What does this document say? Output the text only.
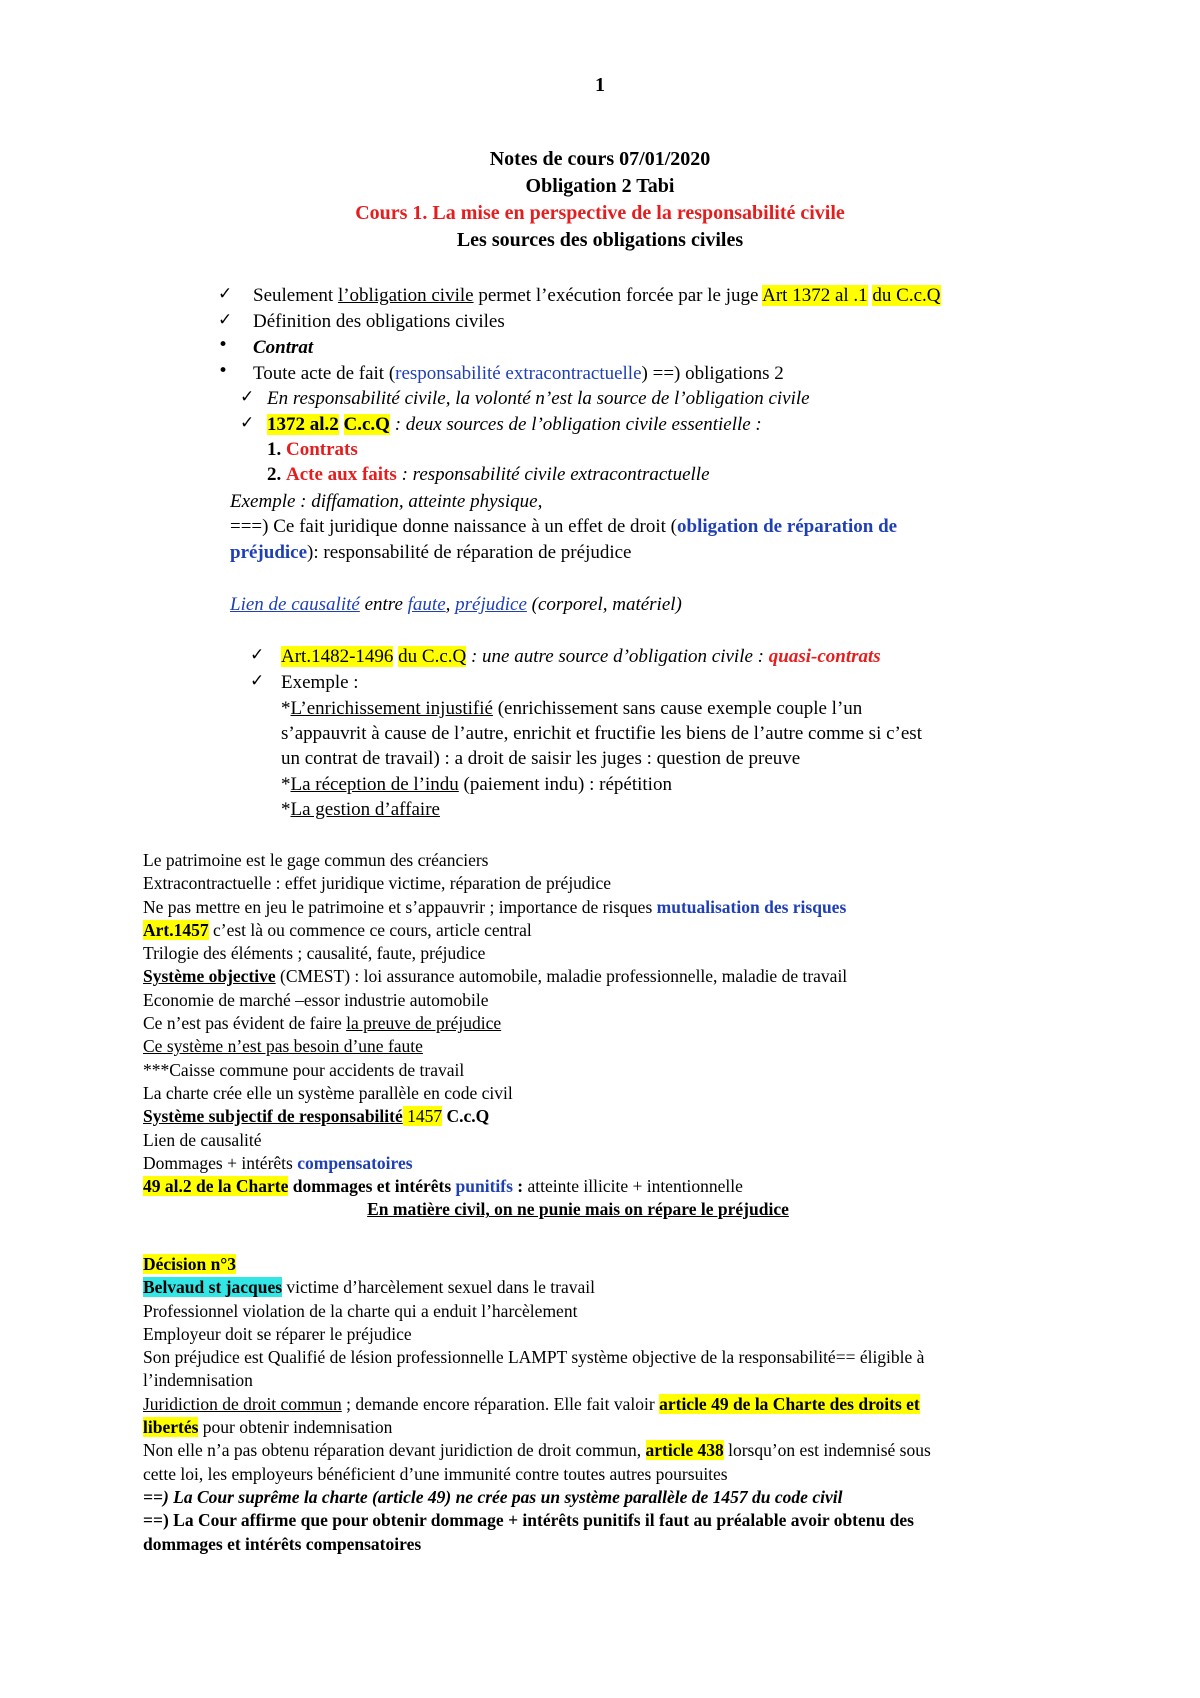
1
Notes de cours 07/01/2020
Obligation 2 Tabi
Cours 1. La mise en perspective de la responsabilité civile
Les sources des obligations civiles
✓ Seulement l’obligation civile permet l’exécution forcée par le juge Art 1372 al .1 du C.c.Q
✓ Définition des obligations civiles
• Contrat
• Toute acte de fait (responsabilité extracontractuelle) ==) obligations 2
✓ En responsabilité civile, la volonté n’est la source de l’obligation civile
✓ 1372 al.2 C.c.Q : deux sources de l’obligation civile essentielle :
1. Contrats
2. Acte aux faits : responsabilité civile extracontractuelle
Exemple : diffamation, atteinte physique,
===) Ce fait juridique donne naissance à un effet de droit (obligation de réparation de
préjudice): responsabilité de réparation de préjudice
Lien de causalité entre faute, préjudice (corporel, matériel)
✓ Art.1482-1496 du C.c.Q : une autre source d’obligation civile : quasi-contrats
✓ Exemple :
*L’enrichissement injustifié (enrichissement sans cause exemple couple l’un
s’appauvrit à cause de l’autre, enrichit et fructifie les biens de l’autre comme si c’est
un contrat de travail) : a droit de saisir les juges : question de preuve
*La réception de l’indu (paiement indu) : répétition
*La gestion d’affaire
Le patrimoine est le gage commun des créanciers
Extracontractuelle : effet juridique victime, réparation de préjudice
Ne pas mettre en jeu le patrimoine et s’appauvrir ; importance de risques mutualisation des risques
Art.1457 c’est là ou commence ce cours, article central
Trilogie des éléments ; causalité, faute, préjudice
Système objective (CMEST) : loi assurance automobile, maladie professionnelle, maladie de travail
Economie de marché –essor industrie automobile
Ce n’est pas évident de faire la preuve de préjudice
Ce système n’est pas besoin d’une faute
***Caisse commune pour accidents de travail
La charte crée elle un système parallèle en code civil
Système subjectif de responsabilité 1457 C.c.Q
Lien de causalité
Dommages + intérêts compensatoires
49 al.2 de la Charte dommages et intérêts punitifs : atteinte illicite + intentionnelle
En matière civil, on ne punie mais on répare le préjudice
Décision n°3
Belvaud st jacques victime d’harcèlement sexuel dans le travail
Professionnel violation de la charte qui a enduit l’harcèlement
Employeur doit se réparer le préjudice
Son préjudice est Qualifié de lésion professionnelle LAMPT système objective de la responsabilité== éligible à
l’indemnisation
Juridiction de droit commun ; demande encore réparation. Elle fait valoir article 49 de la Charte des droits et
libertés pour obtenir indemnisation
Non elle n’a pas obtenu réparation devant juridiction de droit commun, article 438 lorsqu’on est indemnisé sous
cette loi, les employeurs bénéficient d’une immunité contre toutes autres poursuites
==) La Cour suprême la charte (article 49) ne crée pas un système parallèle de 1457 du code civil
==) La Cour affirme que pour obtenir dommage + intérêts punitifs il faut au préalable avoir obtenu des
dommages et intérêts compensatoires
